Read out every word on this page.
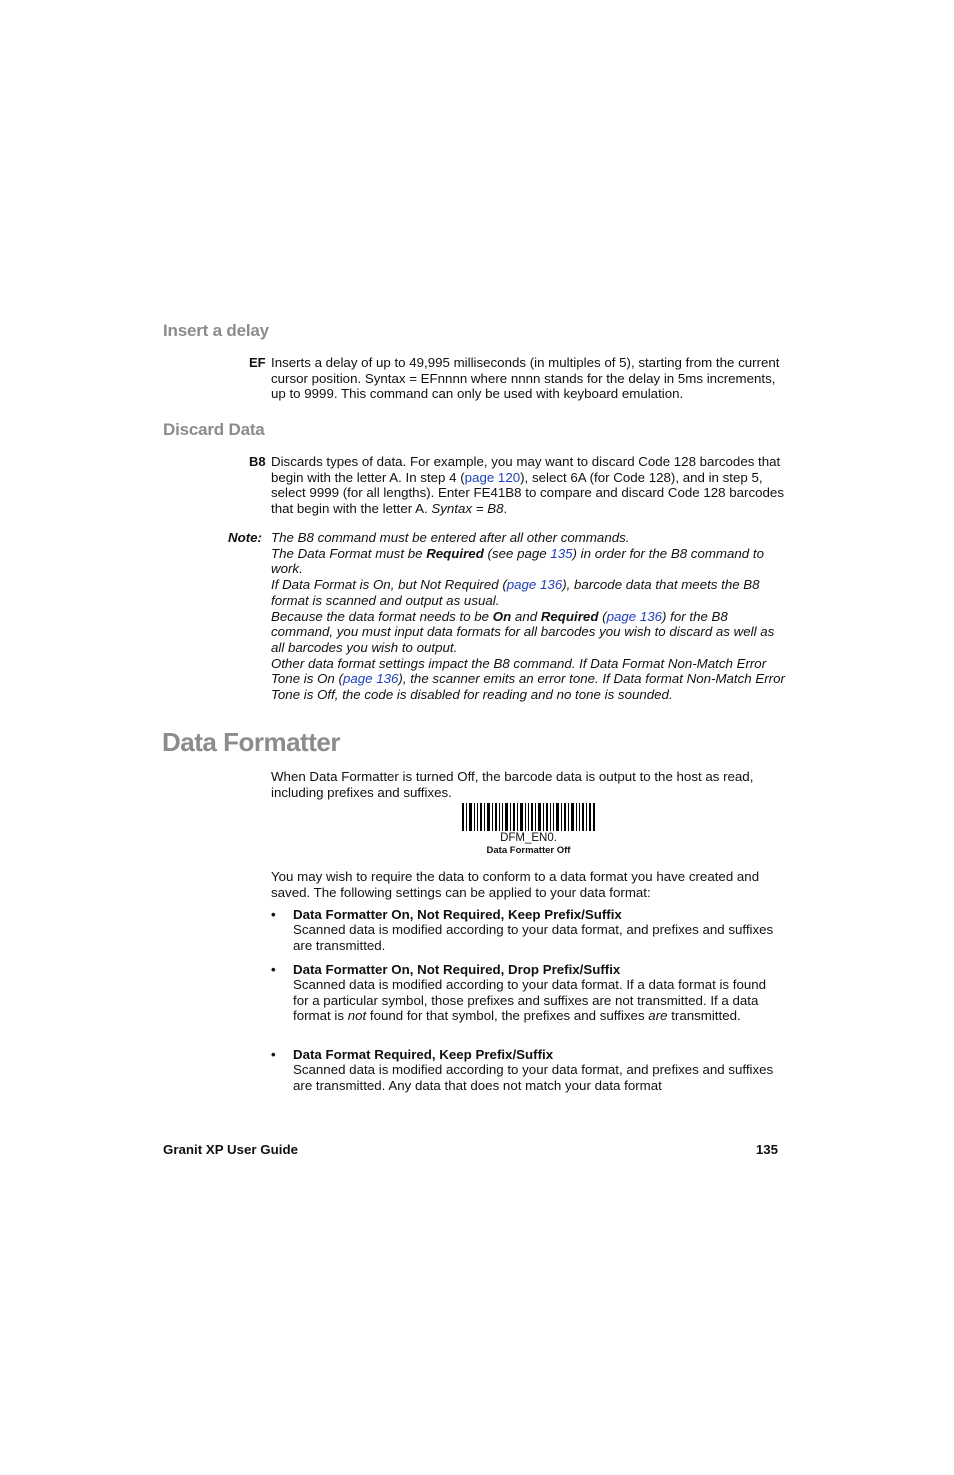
Insert a delay
EF Inserts a delay of up to 49,995 milliseconds (in multiples of 5), starting from the current cursor position. Syntax = EFnnnn where nnnn stands for the delay in 5ms increments, up to 9999. This command can only be used with keyboard emulation.
Discard Data
B8 Discards types of data. For example, you may want to discard Code 128 barcodes that begin with the letter A. In step 4 (page 120), select 6A (for Code 128), and in step 5, select 9999 (for all lengths). Enter FE41B8 to compare and discard Code 128 barcodes that begin with the letter A. Syntax = B8.
Note: The B8 command must be entered after all other commands.
The Data Format must be Required (see page 135) in order for the B8 command to work.
If Data Format is On, but Not Required (page 136), barcode data that meets the B8 format is scanned and output as usual.
Because the data format needs to be On and Required (page 136) for the B8 command, you must input data formats for all barcodes you wish to discard as well as all barcodes you wish to output.
Other data format settings impact the B8 command. If Data Format Non-Match Error Tone is On (page 136), the scanner emits an error tone. If Data format Non-Match Error Tone is Off, the code is disabled for reading and no tone is sounded.
Data Formatter
When Data Formatter is turned Off, the barcode data is output to the host as read, including prefixes and suffixes.
DFM_EN0.
Data Formatter Off
You may wish to require the data to conform to a data format you have created and saved. The following settings can be applied to your data format:
• Data Formatter On, Not Required, Keep Prefix/Suffix
Scanned data is modified according to your data format, and prefixes and suffixes are transmitted.
• Data Formatter On, Not Required, Drop Prefix/Suffix
Scanned data is modified according to your data format. If a data format is found for a particular symbol, those prefixes and suffixes are not transmitted. If a data format is not found for that symbol, the prefixes and suffixes are transmitted.
• Data Format Required, Keep Prefix/Suffix
Scanned data is modified according to your data format, and prefixes and suffixes are transmitted. Any data that does not match your data format
Granit XP User Guide	135
